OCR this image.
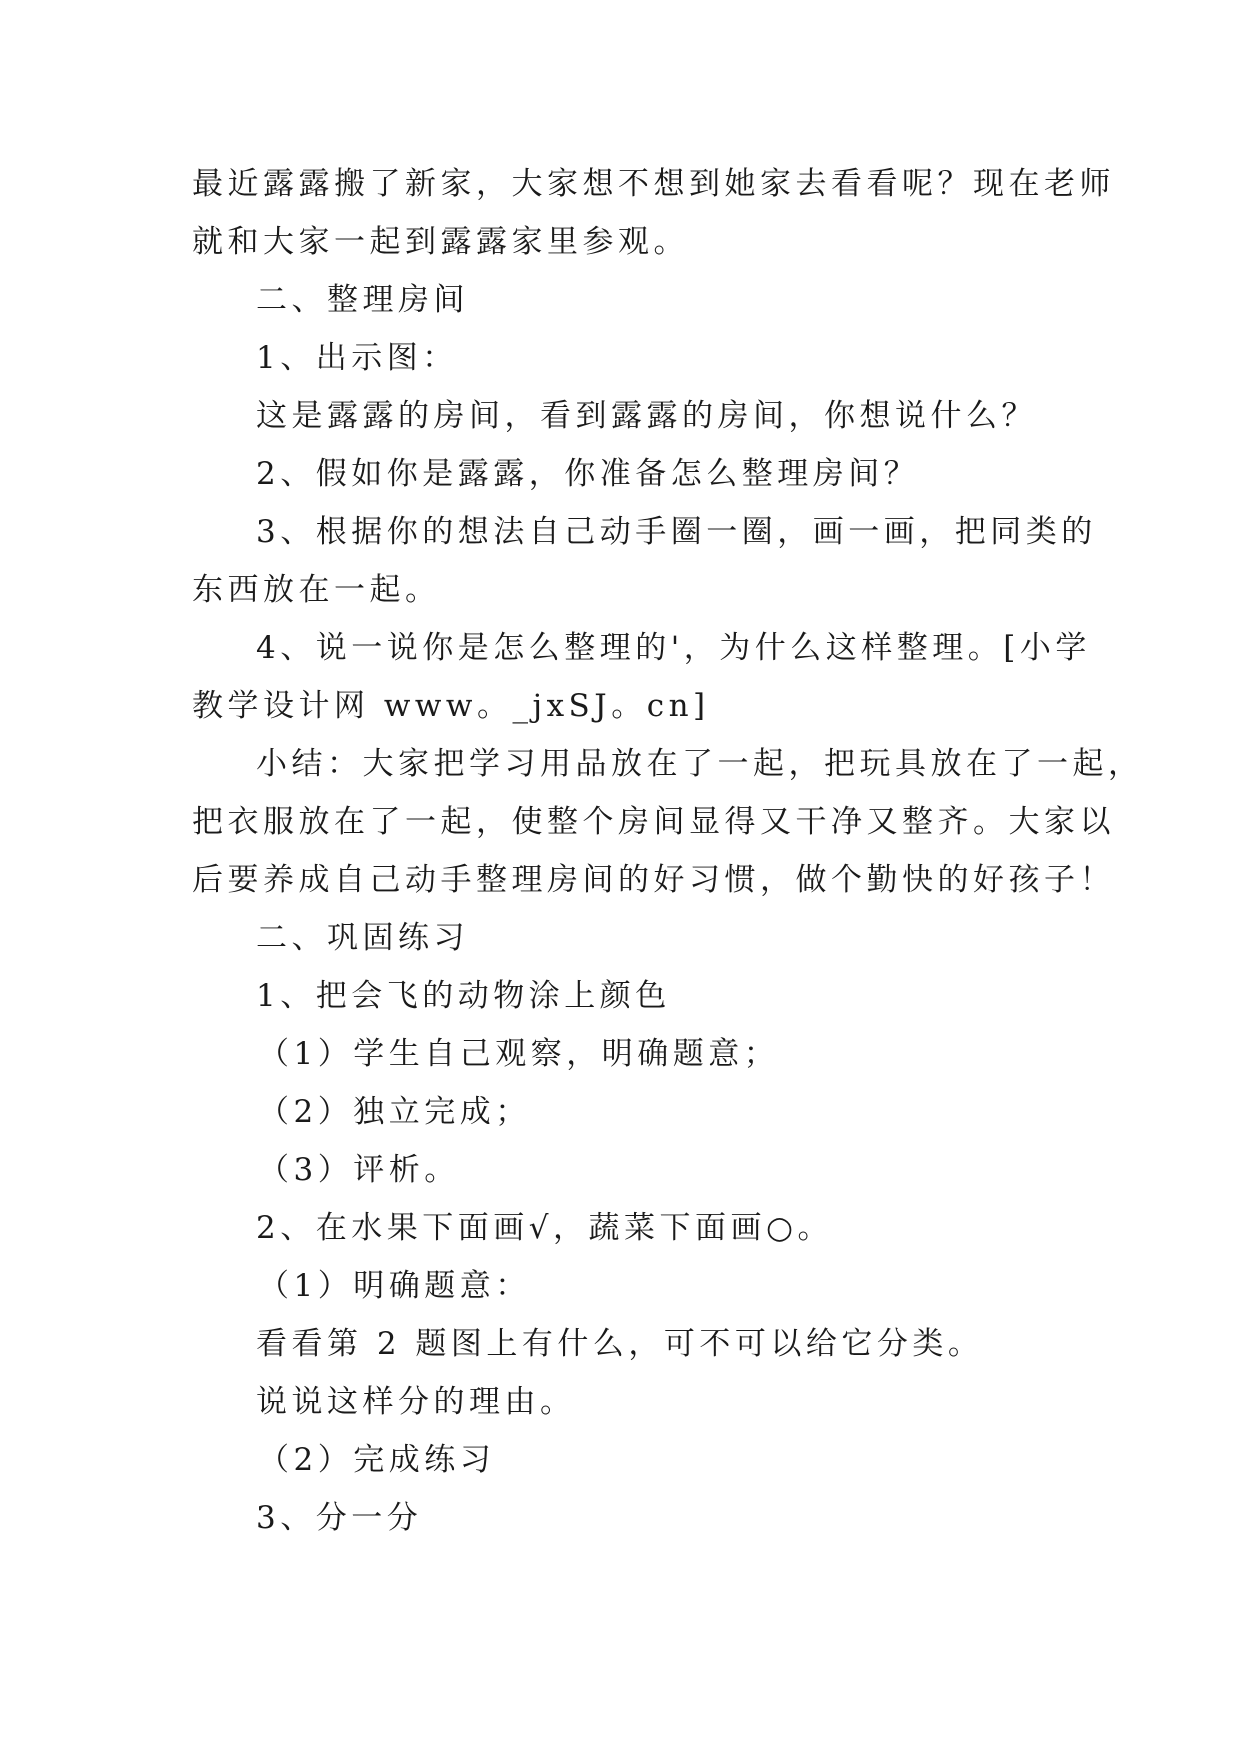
最近露露搬了新家，大家想不想到她家去看看呢？现在老师
就和大家一起到露露家里参观。
二、整理房间
1、出示图：
这是露露的房间，看到露露的房间，你想说什么？
2、假如你是露露，你准备怎么整理房间？
3、根据你的想法自己动手圈一圈，画一画，把同类的
东西放在一起。
4、说一说你是怎么整理的'，为什么这样整理。[小学
教学设计网 www。_jxSJ。cn]
小结：大家把学习用品放在了一起，把玩具放在了一起，
把衣服放在了一起，使整个房间显得又干净又整齐。大家以
后要养成自己动手整理房间的好习惯，做个勤快的好孩子！
二、巩固练习
1、把会飞的动物涂上颜色
（1）学生自己观察，明确题意；
（2）独立完成；
（3）评析。
2、在水果下面画√，蔬菜下面画○。
（1）明确题意：
看看第 2 题图上有什么，可不可以给它分类。
说说这样分的理由。
（2）完成练习
3、分一分
